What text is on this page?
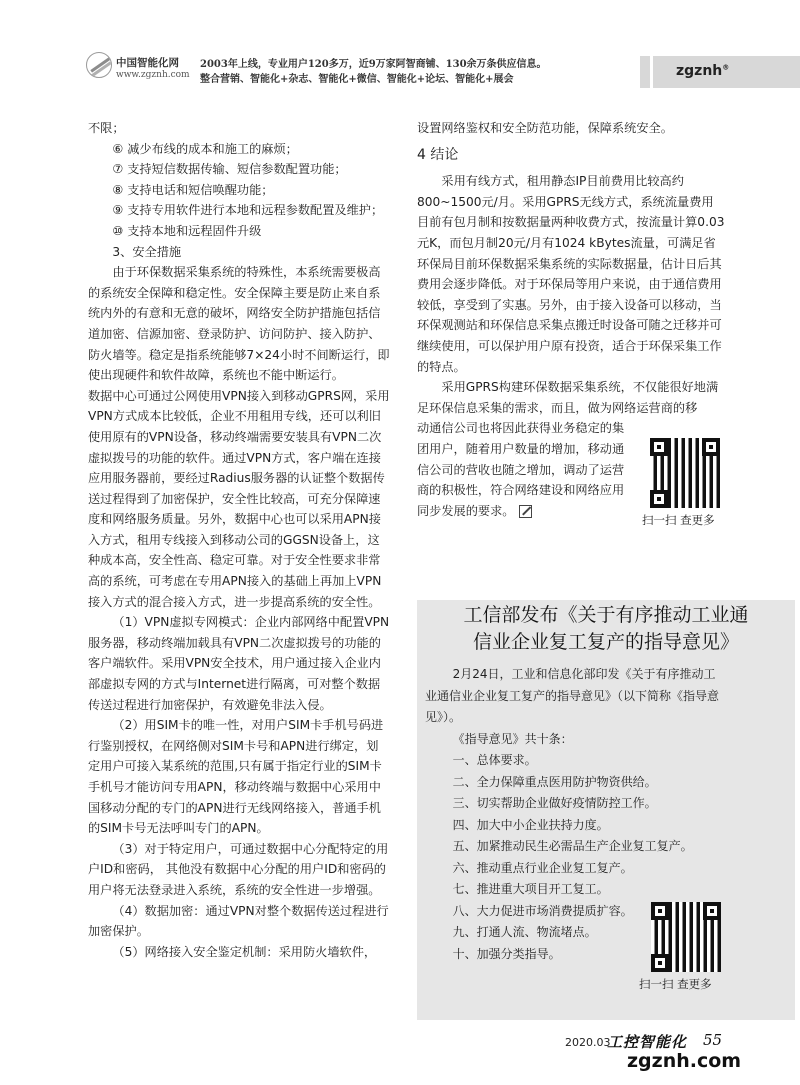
中国智能化网
www.zgznh.com
2003年上线，专业用户120多万，近9万家阿智商铺、130余万条供应信息。
整合营销、智能化+杂志、智能化+微信、智能化+论坛、智能化+展会
zgznh®

不限；

⑥ 减少布线的成本和施工的麻烦；

⑦ 支持短信数据传输、短信参数配置功能；

⑧ 支持电话和短信唤醒功能；

⑨ 支持专用软件进行本地和远程参数配置及维护；

⑩ 支持本地和远程固件升级

3、安全措施

由于环保数据采集系统的特殊性，本系统需要极高的系统安全保障和稳定性。安全保障主要是防止来自系统内外的有意和无意的破坏，网络安全防护措施包括信道加密、信源加密、登录防护、访问防护、接入防护、防火墙等。稳定是指系统能够7×24小时不间断运行，即使出现硬件和软件故障，系统也不能中断运行。

数据中心可通过公网使用VPN接入到移动GPRS网，采用VPN方式成本比较低，企业不用租用专线，还可以利旧使用原有的VPN设备，移动终端需要安装具有VPN二次虚拟拨号的功能的软件。通过VPN方式，客户端在连接应用服务器前，要经过Radius服务器的认证整个数据传送过程得到了加密保护，安全性比较高，可充分保障速度和网络服务质量。另外，数据中心也可以采用APN接入方式，租用专线接入到移动公司的GGSN设备上，这种成本高，安全性高、稳定可靠。对于安全性要求非常高的系统，可考虑在专用APN接入的基础上再加上VPN接入方式的混合接入方式，进一步提高系统的安全性。

（1）VPN虚拟专网模式：企业内部网络中配置VPN服务器，移动终端加载具有VPN二次虚拟拨号的功能的客户端软件。采用VPN安全技术，用户通过接入企业内部虚拟专网的方式与Internet进行隔离，可对整个数据传送过程进行加密保护，有效避免非法入侵。

（2）用SIM卡的唯一性，对用户SIM卡手机号码进行鉴别授权，在网络侧对SIM卡号和APN进行绑定，划定用户可接入某系统的范围,只有属于指定行业的SIM卡手机号才能访问专用APN，移动终端与数据中心采用中国移动分配的专门的APN进行无线网络接入，普通手机的SIM卡号无法呼叫专门的APN。

（3）对于特定用户，可通过数据中心分配特定的用户ID和密码， 其他没有数据中心分配的用户ID和密码的用户将无法登录进入系统，系统的安全性进一步增强。

（4）数据加密：通过VPN对整个数据传送过程进行加密保护。

（5）网络接入安全鉴定机制：采用防火墙软件，

设置网络鉴权和安全防范功能，保障系统安全。

4 结论

采用有线方式，租用静态IP目前费用比较高约800~1500元/月。采用GPRS无线方式，系统流量费用目前有包月制和按数据量两种收费方式，按流量计算0.03元K，而包月制20元/月有1024 kBytes流量，可满足省环保局目前环保数据采集系统的实际数据量，估计日后其费用会逐步降低。对于环保局等用户来说，由于通信费用较低，享受到了实惠。另外，由于接入设备可以移动，当环保观测站和环保信息采集点搬迁时设备可随之迁移并可继续使用，可以保护用户原有投资，适合于环保采集工作的特点。

采用GPRS构建环保数据采集系统，不仅能很好地满足环保信息采集的需求，而且，做为网络运营商的移

动通信公司也将因此获得业务稳定的集团用户，随着用户数量的增加，移动通信公司的营收也随之增加，调动了运营商的积极性，符合网络建设和网络应用同步发展的要求。

扫一扫 查更多
工信部发布《关于有序推动工业通
信业企业复工复产的指导意见》

2月24日，工业和信息化部印发《关于有序推动工业通信业企业复工复产的指导意见》（以下简称《指导意见》）。

《指导意见》共十条：

一、总体要求。

二、全力保障重点医用防护物资供给。

三、切实帮助企业做好疫情防控工作。

四、加大中小企业扶持力度。

五、加紧推动民生必需品生产企业复工复产。

六、推动重点行业企业复工复产。

七、推进重大项目开工复工。

八、大力促进市场消费提质扩容。

九、打通人流、物流堵点。

十、加强分类指导。

扫一扫 查更多
2020.03
工控智能化 55
zgznh.com
